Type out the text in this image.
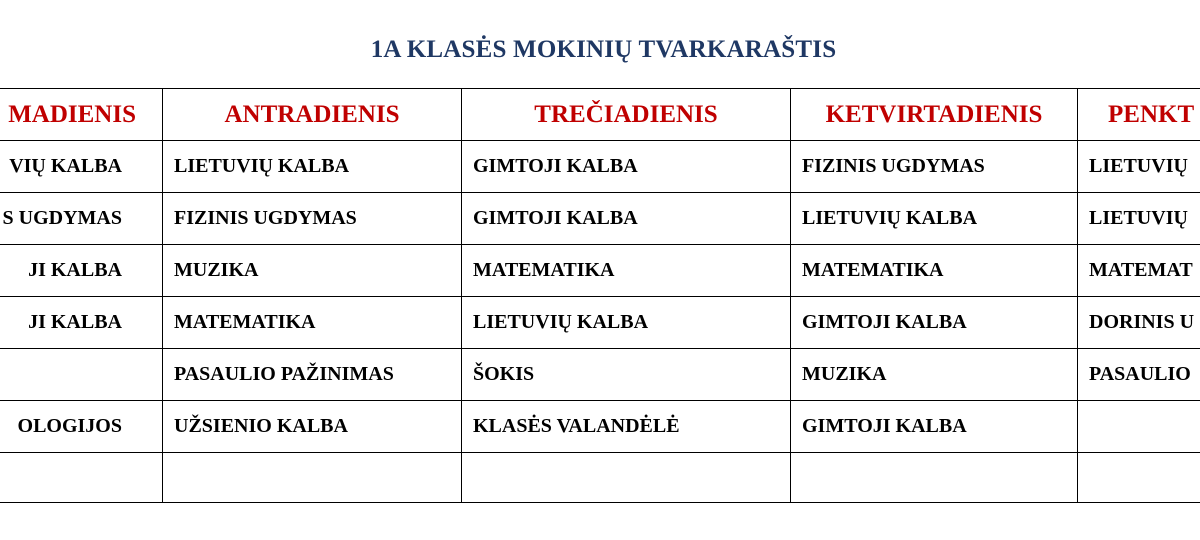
1A KLASĖS MOKINIŲ TVARKARAŠTIS
MADIENIS
VIŲ KALBA
S UGDYMAS
JI KALBA
JI KALBA
OLOGIJOS
ANTRADIENIS
LIETUVIŲ KALBA
FIZINIS UGDYMAS
MUZIKA
MATEMATIKA
PASAULIO PAŽINIMAS
UŽSIENIO KALBA
TREČIADIENIS
GIMTOJI KALBA
GIMTOJI KALBA
MATEMATIKA
LIETUVIŲ KALBA
ŠOKIS
KLASĖS VALANDĖLĖ
KETVIRTADIENIS
FIZINIS UGDYMAS
LIETUVIŲ KALBA
MATEMATIKA
GIMTOJI KALBA
MUZIKA
GIMTOJI KALBA
PENKT
LIETUVIŲ
LIETUVIŲ
MATEMAT
DORINIS U
PASAULIO
